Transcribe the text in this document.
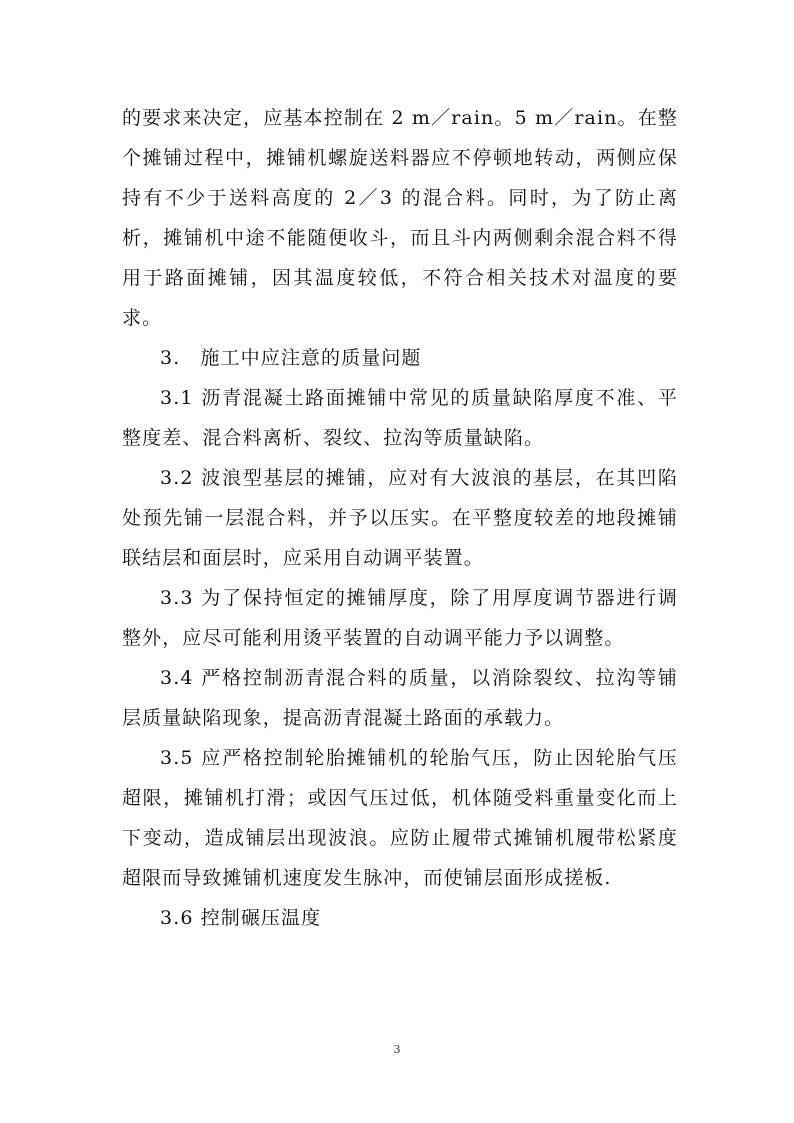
的要求来决定，应基本控制在 2 m／rain。5 m／rain。在整个摊铺过程中，摊铺机螺旋送料器应不停顿地转动，两侧应保持有不少于送料高度的 2／3 的混合料。同时，为了防止离析，摊铺机中途不能随便收斗，而且斗内两侧剩余混合料不得用于路面摊铺，因其温度较低，不符合相关技术对温度的要求。

3.　施工中应注意的质量问题

3.1 沥青混凝土路面摊铺中常见的质量缺陷厚度不准、平整度差、混合料离析、裂纹、拉沟等质量缺陷。

3.2 波浪型基层的摊铺，应对有大波浪的基层，在其凹陷处预先铺一层混合料，并予以压实。在平整度较差的地段摊铺联结层和面层时，应采用自动调平装置。

3.3 为了保持恒定的摊铺厚度，除了用厚度调节器进行调整外，应尽可能利用烫平装置的自动调平能力予以调整。

3.4 严格控制沥青混合料的质量，以消除裂纹、拉沟等铺层质量缺陷现象，提高沥青混凝土路面的承载力。

3.5 应严格控制轮胎摊铺机的轮胎气压，防止因轮胎气压超限，摊铺机打滑；或因气压过低，机体随受料重量变化而上下变动，造成铺层出现波浪。应防止履带式摊铺机履带松紧度超限而导致摊铺机速度发生脉冲，而使铺层面形成搓板.

3.6 控制碾压温度

3
